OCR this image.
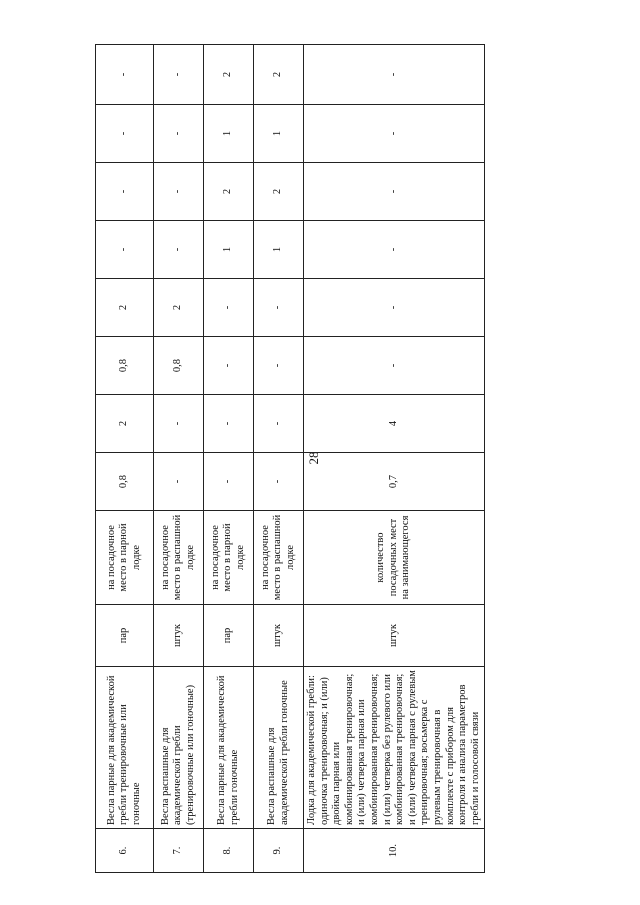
28
6.	Весла парные для академической гребли тренировочные или гоночные	пар	на посадочное место в парной лодке	0,8	2	0,8	2	-	-	-	-
7.	Весла распашные для академической гребли (тренировочные или гоночные)	штук	на посадочное место в распашной лодке	-	-	0,8	2	-	-	-	-
8.	Весла парные для академической гребли гоночные	пар	на посадочное место в парной лодке	-	-	-	-	1	2	1	2
9.	Весла распашные для академической гребли гоночные	штук	на посадочное место в распашной лодке	-	-	-	-	1	2	1	2
10.	Лодка для академической гребли: одиночка тренировочная; и (или) двойка парная или комбинированная тренировочная; и (или) четверка парная или комбинированная тренировочная; и (или) четверка без рулевого или комбинированная тренировочная; и (или) четверка парная с рулевым тренировочная; восьмерка с рулевым тренировочная в комплекте с прибором для контроля и анализа параметров гребли и голосовой связи	штук	количество посадочных мест на занимающегося	0,7	4	-	-	-	-	-	-
